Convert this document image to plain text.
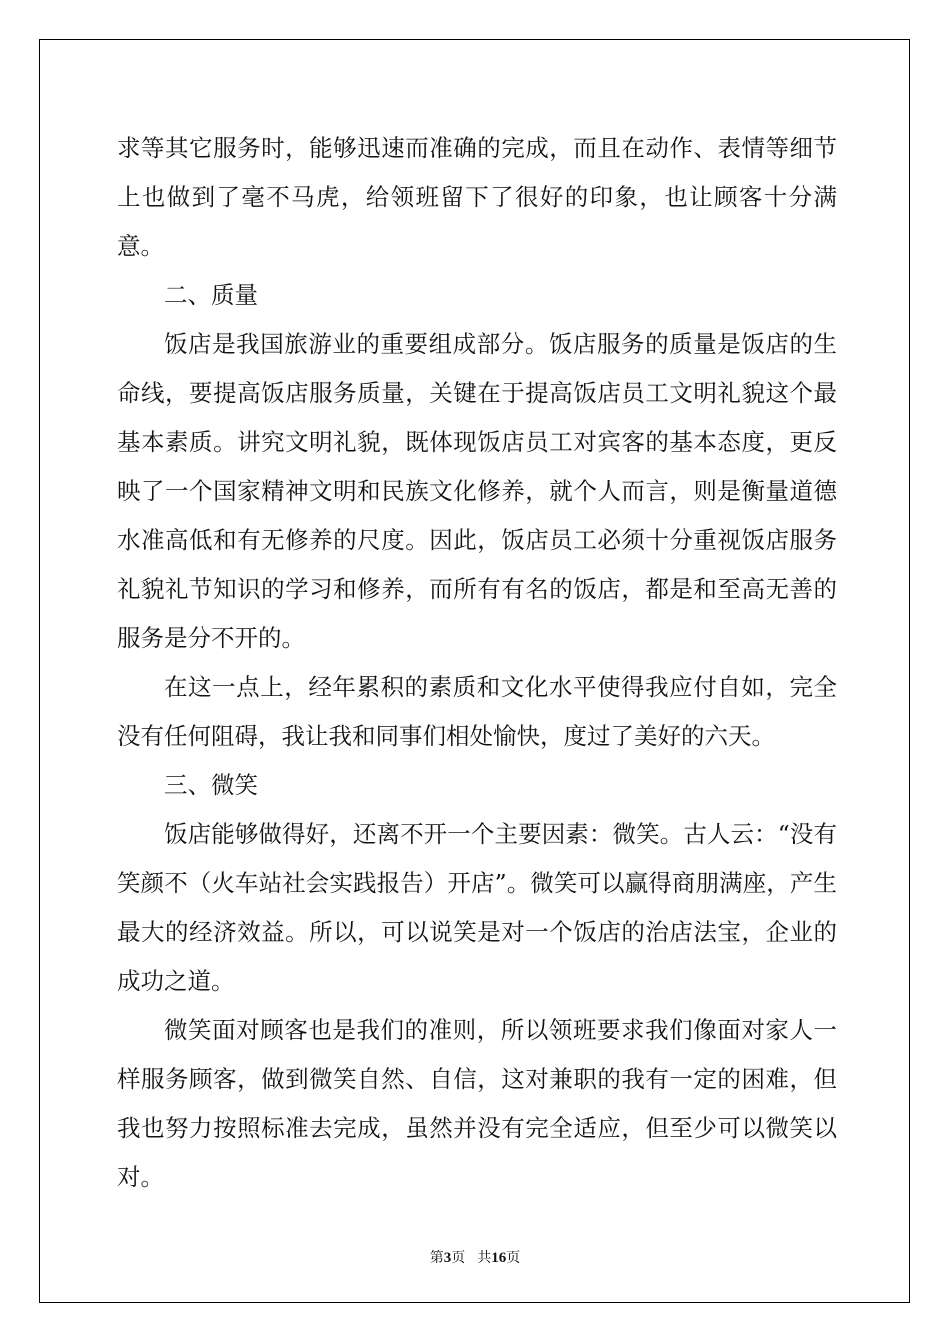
求等其它服务时，能够迅速而准确的完成，而且在动作、表情等细节上也做到了毫不马虎，给领班留下了很好的印象，也让顾客十分满意。

二、质量

饭店是我国旅游业的重要组成部分。饭店服务的质量是饭店的生命线，要提高饭店服务质量，关键在于提高饭店员工文明礼貌这个最基本素质。讲究文明礼貌，既体现饭店员工对宾客的基本态度，更反映了一个国家精神文明和民族文化修养，就个人而言，则是衡量道德水准高低和有无修养的尺度。因此，饭店员工必须十分重视饭店服务礼貌礼节知识的学习和修养，而所有有名的饭店，都是和至高无善的服务是分不开的。

在这一点上，经年累积的素质和文化水平使得我应付自如，完全没有任何阻碍，我让我和同事们相处愉快，度过了美好的六天。

三、微笑

饭店能够做得好，还离不开一个主要因素：微笑。古人云：“没有笑颜不（火车站社会实践报告）开店”。微笑可以赢得商朋满座，产生最大的经济效益。所以，可以说笑是对一个饭店的治店法宝，企业的成功之道。

微笑面对顾客也是我们的准则，所以领班要求我们像面对家人一样服务顾客，做到微笑自然、自信，这对兼职的我有一定的困难，但我也努力按照标准去完成，虽然并没有完全适应，但至少可以微笑以对。

第3页 共16页
